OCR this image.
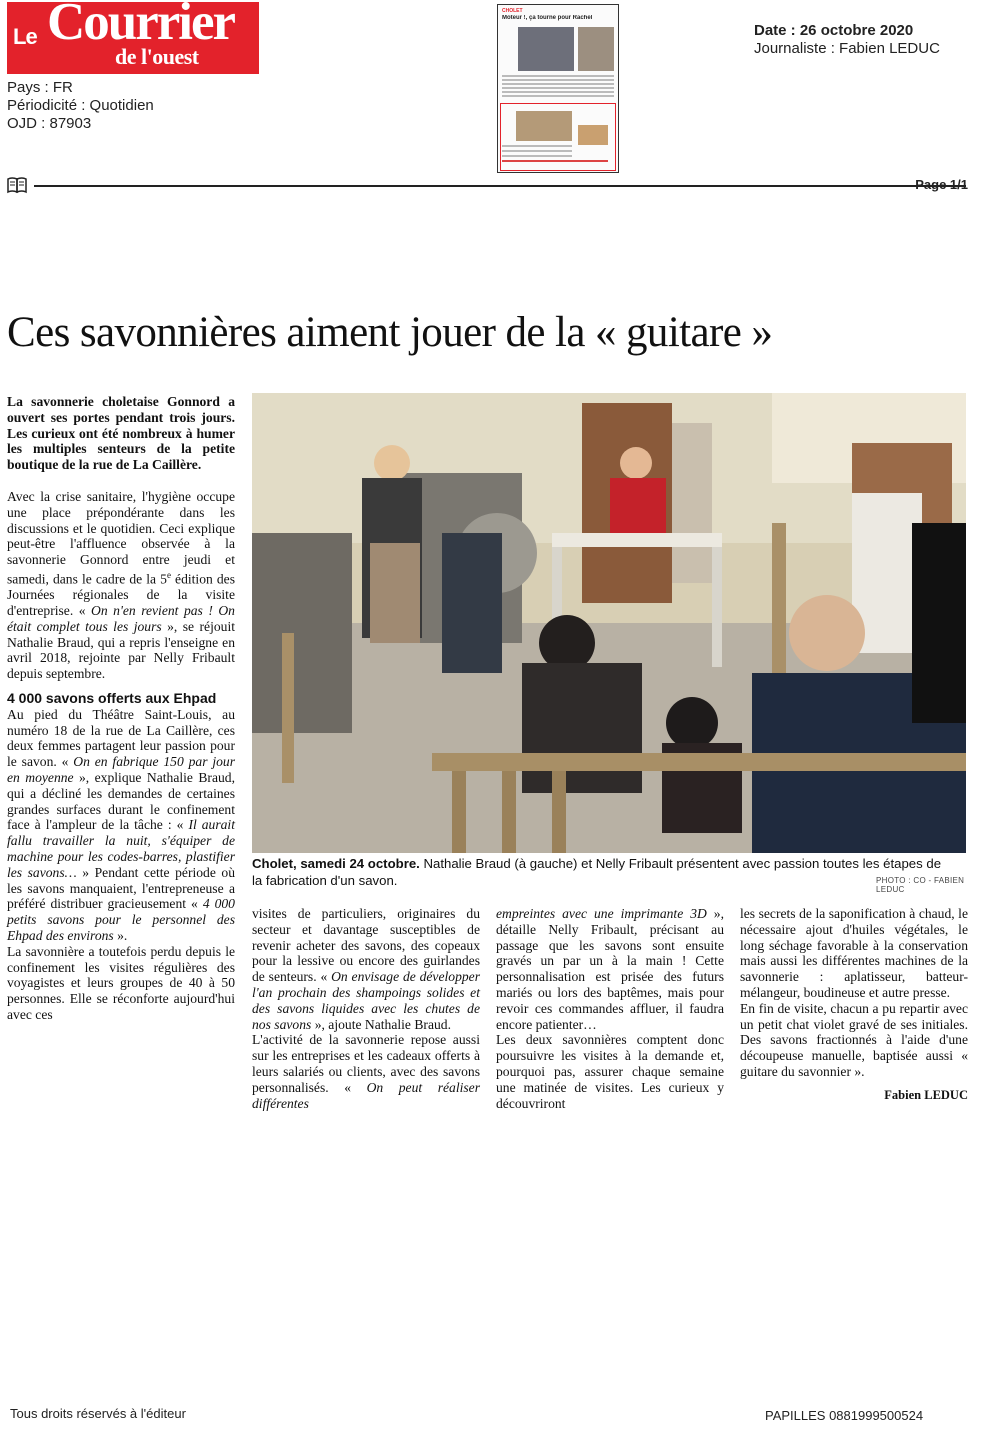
Le Courrier
de l'ouest
Pays : FR
Périodicité : Quotidien
OJD : 87903
CHOLET
Moteur !, ça tourne pour Rachel
Date : 26 octobre 2020
Journaliste : Fabien LEDUC
Page 1/1
Ces savonnières aiment jouer de la « guitare »

La savonnerie choletaise Gonnord a ouvert ses portes pendant trois jours. Les curieux ont été nombreux à humer les multiples senteurs de la petite boutique de la rue de La Caillère.

Avec la crise sanitaire, l'hygiène occupe une place prépondérante dans les discussions et le quotidien. Ceci explique peut-être l'affluence observée à la savonnerie Gonnord entre jeudi et samedi, dans le cadre de la 5e édition des Journées régionales de la visite d'entreprise. « On n'en revient pas ! On était complet tous les jours », se réjouit Nathalie Braud, qui a repris l'enseigne en avril 2018, rejointe par Nelly Fribault depuis septembre.

4 000 savons offerts aux Ehpad

Au pied du Théâtre Saint-Louis, au numéro 18 de la rue de La Caillère, ces deux femmes partagent leur passion pour le savon. « On en fabrique 150 par jour en moyenne », explique Nathalie Braud, qui a décliné les demandes de certaines grandes surfaces durant le confinement face à l'ampleur de la tâche : « Il aurait fallu travailler la nuit, s'équiper de machine pour les codes-barres, plastifier les savons… » Pendant cette période où les savons manquaient, l'entrepreneuse a préféré distribuer gracieusement « 4 000 petits savons pour le personnel des Ehpad des environs ».

La savonnière a toutefois perdu depuis le confinement les visites régulières des voyagistes et leurs groupes de 40 à 50 personnes. Elle se réconforte aujourd'hui avec ces

Cholet, samedi 24 octobre. Nathalie Braud (à gauche) et Nelly Fribault présentent avec passion toutes les étapes de la fabrication d'un savon.	PHOTO : CO - FABIEN LEDUC

visites de particuliers, originaires du secteur et davantage susceptibles de revenir acheter des savons, des copeaux pour la lessive ou encore des guirlandes de senteurs. « On envisage de développer l'an prochain des shampoings solides et des savons liquides avec les chutes de nos savons », ajoute Nathalie Braud.

L'activité de la savonnerie repose aussi sur les entreprises et les cadeaux offerts à leurs salariés ou clients, avec des savons personnalisés. « On peut réaliser différentes

empreintes avec une imprimante 3D », détaille Nelly Fribault, précisant au passage que les savons sont ensuite gravés un par un à la main ! Cette personnalisation est prisée des futurs mariés ou lors des baptêmes, mais pour revoir ces commandes affluer, il faudra encore patienter…

Les deux savonnières comptent donc poursuivre les visites à la demande et, pourquoi pas, assurer chaque semaine une matinée de visites. Les curieux y découvriront

les secrets de la saponification à chaud, le nécessaire ajout d'huiles végétales, le long séchage favorable à la conservation mais aussi les différentes machines de la savonnerie : aplatisseur, batteur-mélangeur, boudineuse et autre presse.

En fin de visite, chacun a pu repartir avec un petit chat violet gravé de ses initiales. Des savons fractionnés à l'aide d'une découpeuse manuelle, baptisée aussi « guitare du savonnier ».

Fabien LEDUC

Tous droits réservés à l'éditeur	PAPILLES 0881999500524
